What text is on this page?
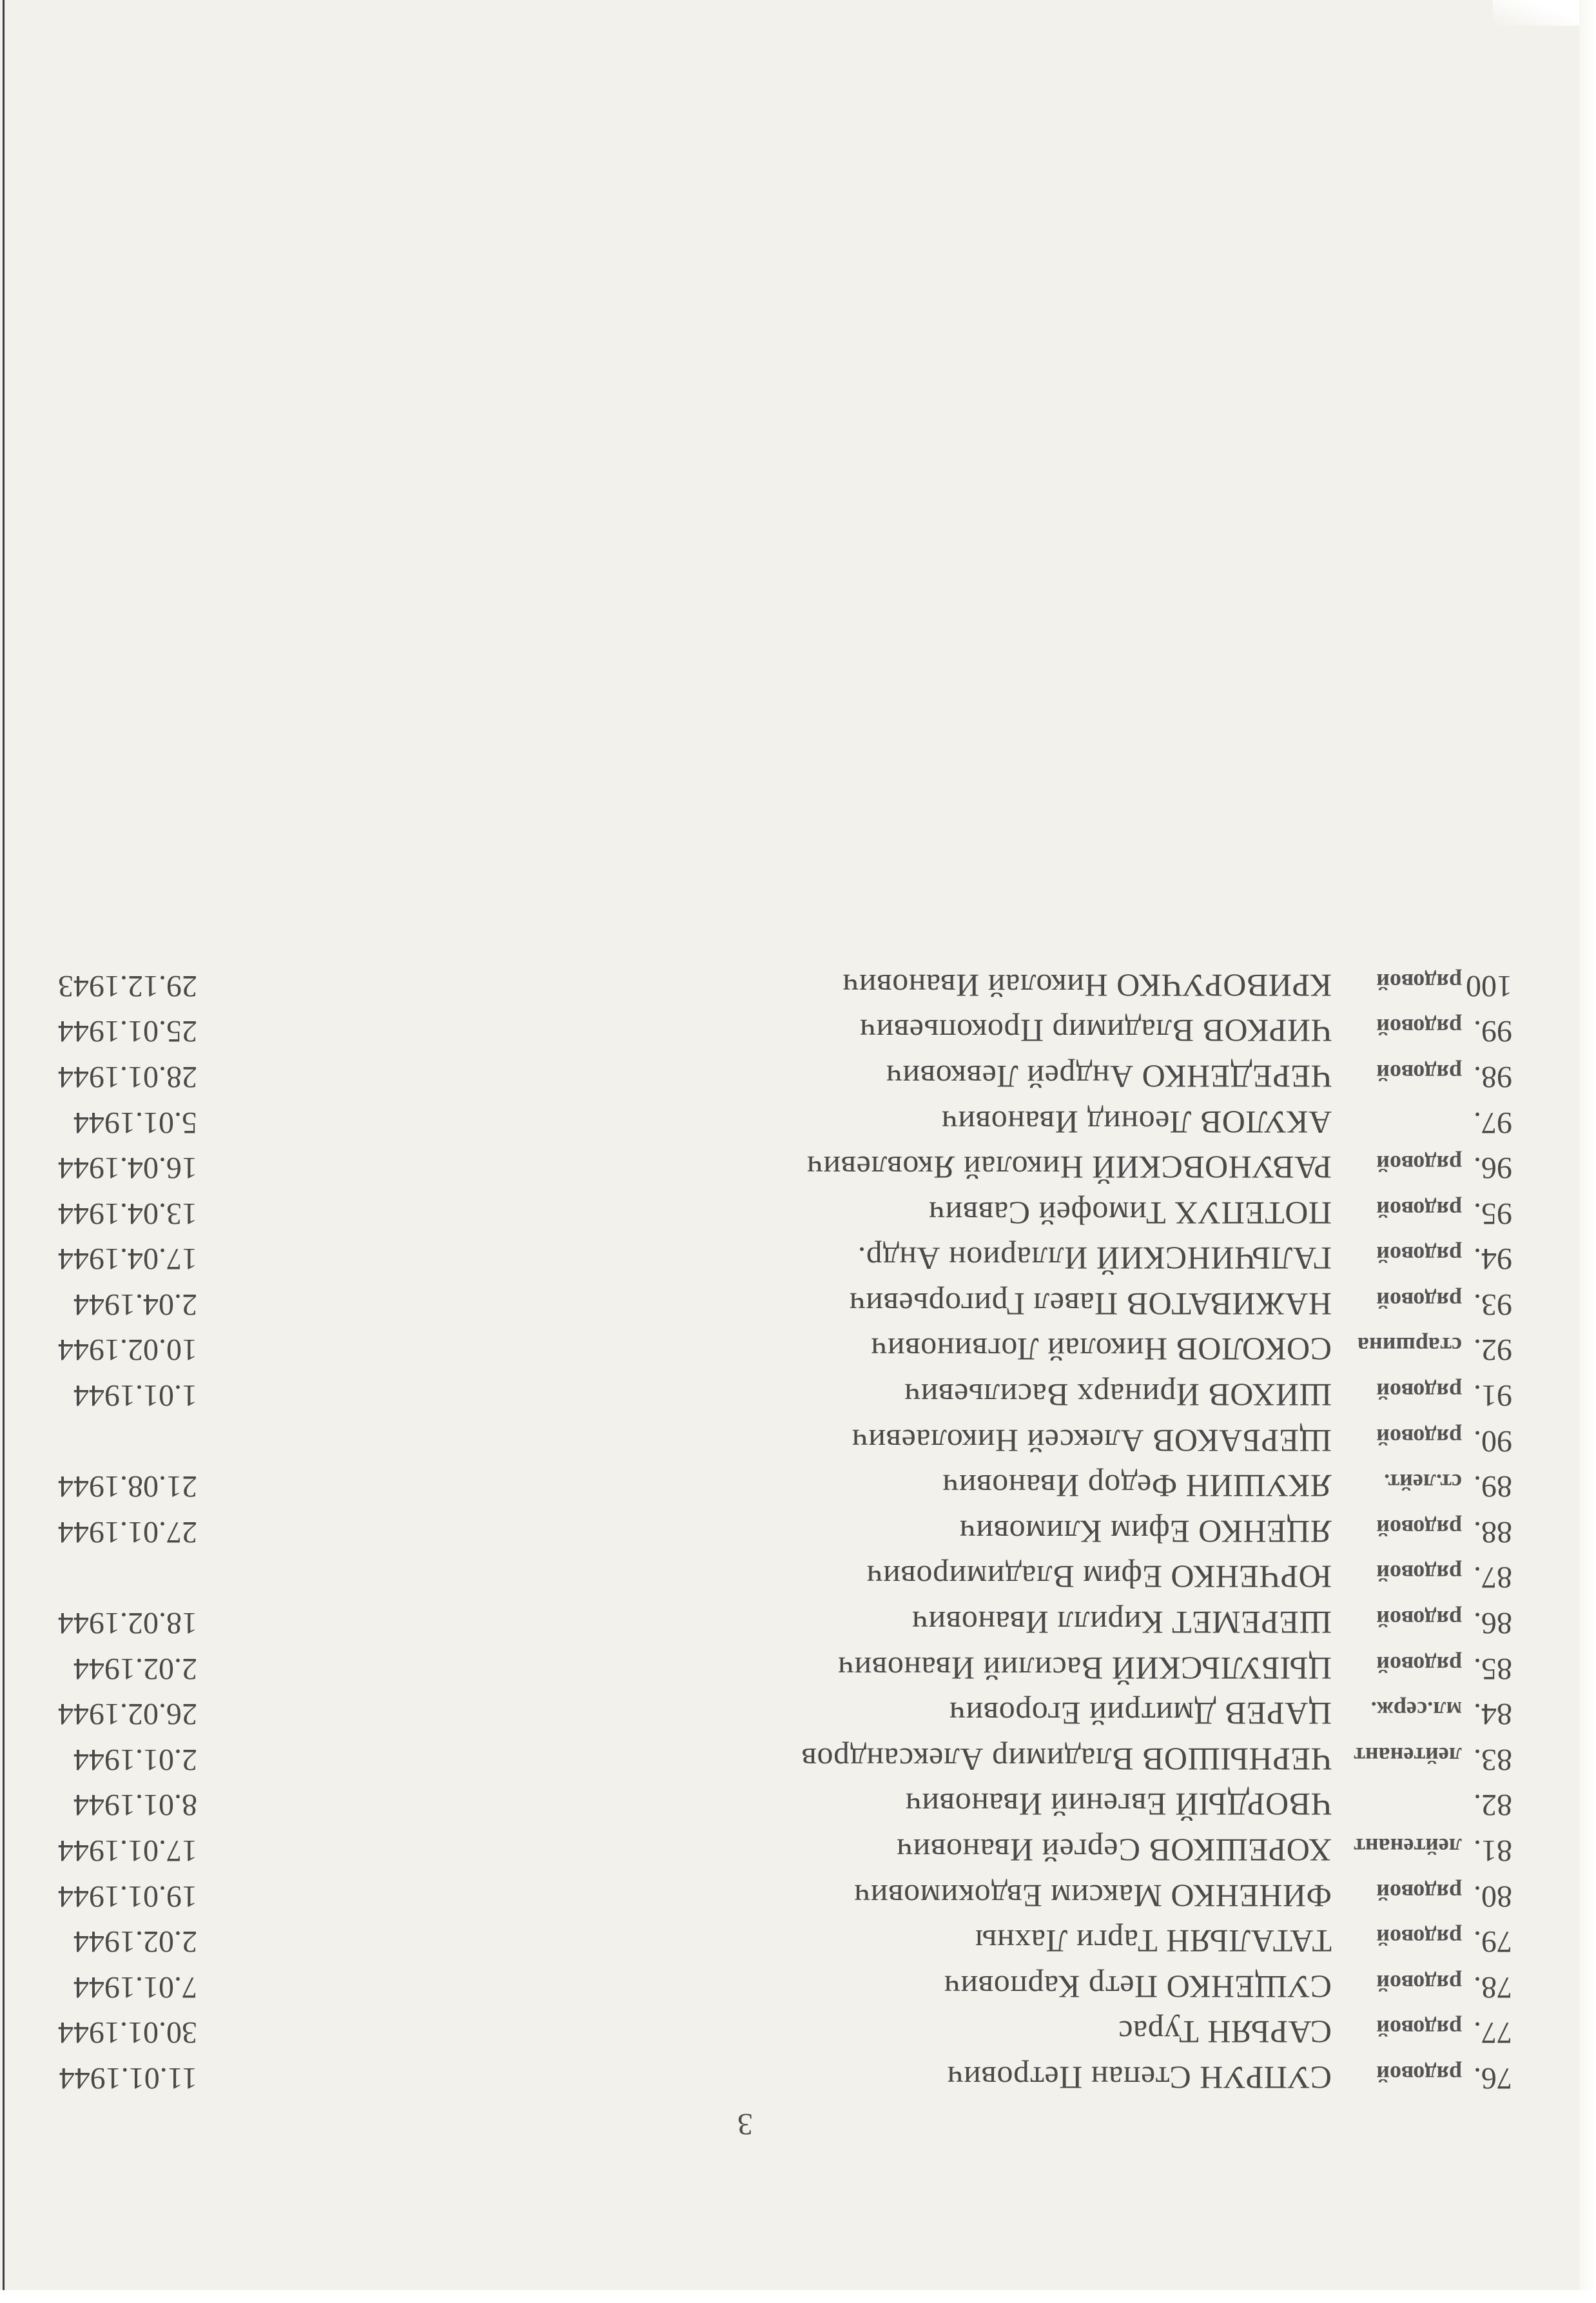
3
76.
рядовой
СУПРУН Степан Петрович
11.01.1944
77.
рядовой
САРЬЯН Турас
30.01.1944
78.
рядовой
СУЩЕНКО Петр Карпович
7.01.1944
79.
рядовой
ТАТАЛЬЯН Тарги Лахны
2.02.1944
80.
рядовой
ФИНЕНКО Максим Евдокимович
19.01.1944
81.
лейтенант
ХОРЕШКОВ Сергей Иванович
17.01.1944
82.
ЧВОРДЫЙ Евгений Иванович
8.01.1944
83.
лейтенант
ЧЕРНЫШОВ Владимир Александров
2.01.1944
84.
мл.серж.
ЦАРЕВ Дмитрий Егорович
26.02.1944
85.
рядовой
ЦЫБУЛЬСКИЙ Василий Иванович
2.02.1944
86.
рядовой
ШЕРЕМЕТ Кирилл Иванович
18.02.1944
87.
рядовой
ЮРЧЕНКО Ефим Владимирович
88.
рядовой
ЯЦЕНКО Ефим Климович
27.01.1944
89.
ст.лейт.
ЯКУШИН Федор Иванович
21.08.1944
90.
рядовой
ЩЕРБАКОВ Алексей Николаевич
91.
рядовой
ШИХОВ Иринарх Васильевич
1.01.1944
92.
старшина
СОКОЛОВ Николай Логвинович
10.02.1944
93.
рядовой
НАЖИВАТОВ Павел Григорьевич
2.04.1944
94.
рядовой
ГАЛЬЧИНСКИЙ Илларион Андр.
17.04.1944
95.
рядовой
ПОТЕПУХ Тимофей Саввич
13.04.1944
96.
рядовой
РАВУНОВСКИЙ Николай Яковлевич
16.04.1944
97.
АКУЛОВ Леонид Иванович
5.01.1944
98.
рядовой
ЧЕРЕДЕНКО Андрей Левкович
28.01.1944
99.
рядовой
ЧИРКОВ Владимир Прокопьевич
25.01.1944
100
рядовой
КРИВОРУЧКО Николай Иванович
29.12.1943
